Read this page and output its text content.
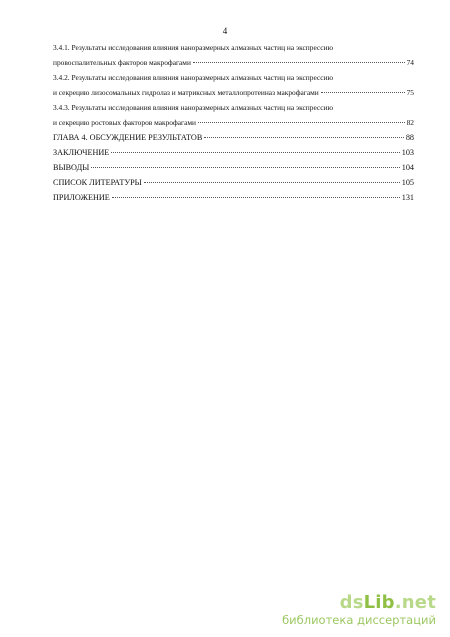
4
3.4.1. Результаты исследования влияния наноразмерных алмазных частиц на экспрессию
провоспалительных факторов макрофагами	74
3.4.2. Результаты исследования влияния наноразмерных алмазных частиц на экспрессию
и секрецию лизосомальных гидролаз и матриксных металлопротеиназ макрофагами	75
3.4.3. Результаты исследования влияния наноразмерных алмазных частиц на экспрессию
и секрецию ростовых факторов макрофагами	82
ГЛАВА 4. ОБСУЖДЕНИЕ РЕЗУЛЬТАТОВ	88
ЗАКЛЮЧЕНИЕ	103
ВЫВОДЫ	104
СПИСОК ЛИТЕРАТУРЫ	105
ПРИЛОЖЕНИЕ	131
dsLib.net
библиотека диссертаций
